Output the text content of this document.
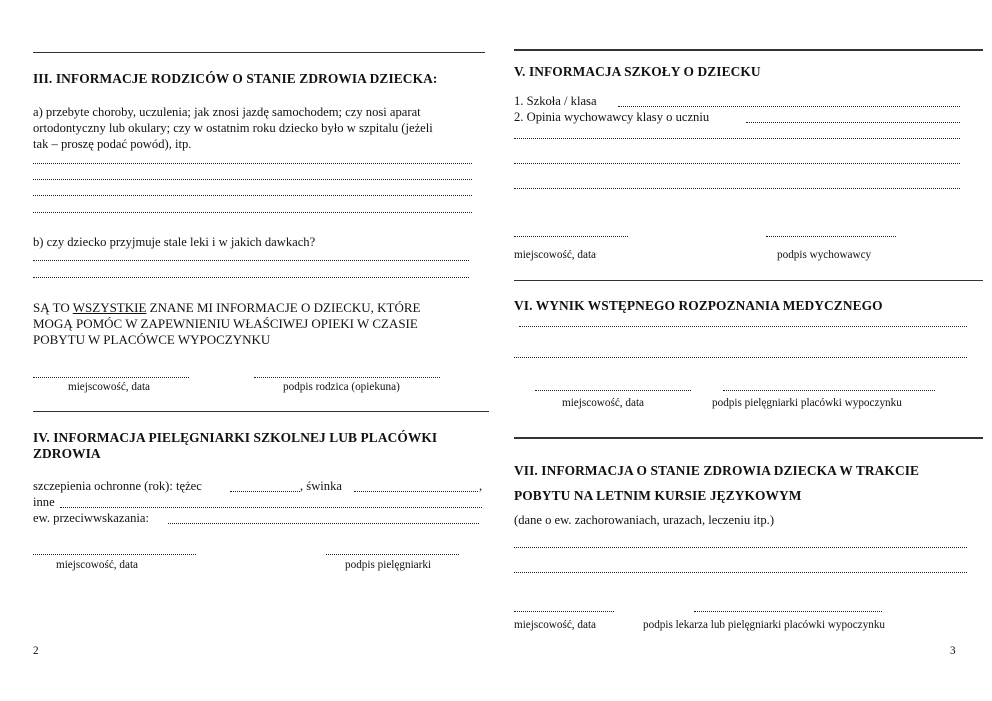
III. INFORMACJE RODZICÓW O STANIE ZDROWIA DZIECKA:
a) przebyte choroby, uczulenia; jak znosi jazdę samochodem; czy nosi aparat
ortodontyczny lub okulary; czy w ostatnim roku dziecko było w szpitalu (jeżeli
tak – proszę podać powód), itp.
b) czy dziecko przyjmuje stale leki i w jakich dawkach?
SĄ TO WSZYSTKIE ZNANE MI INFORMACJE O DZIECKU, KTÓRE
MOGĄ POMÓC W ZAPEWNIENIU WŁAŚCIWEJ OPIEKI W CZASIE
POBYTU W PLACÓWCE WYPOCZYNKU
miejscowość, data	podpis rodzica (opiekuna)
IV. INFORMACJA PIELĘGNIARKI SZKOLNEJ LUB PLACÓWKI
ZDROWIA
szczepienia ochronne (rok): tężec	, świnka	,
inne
ew. przeciwwskazania:
miejscowość, data	podpis pielęgniarki
2
V. INFORMACJA SZKOŁY O DZIECKU
1. Szkoła / klasa
2. Opinia wychowawcy klasy o uczniu
miejscowość, data	podpis wychowawcy
VI. WYNIK WSTĘPNEGO ROZPOZNANIA MEDYCZNEGO
miejscowość, data	podpis pielęgniarki placówki wypoczynku
VII. INFORMACJA O STANIE ZDROWIA DZIECKA W TRAKCIE
POBYTU NA LETNIM KURSIE JĘZYKOWYM
(dane o ew. zachorowaniach, urazach, leczeniu itp.)
miejscowość, data	podpis lekarza lub pielęgniarki placówki wypoczynku
3
